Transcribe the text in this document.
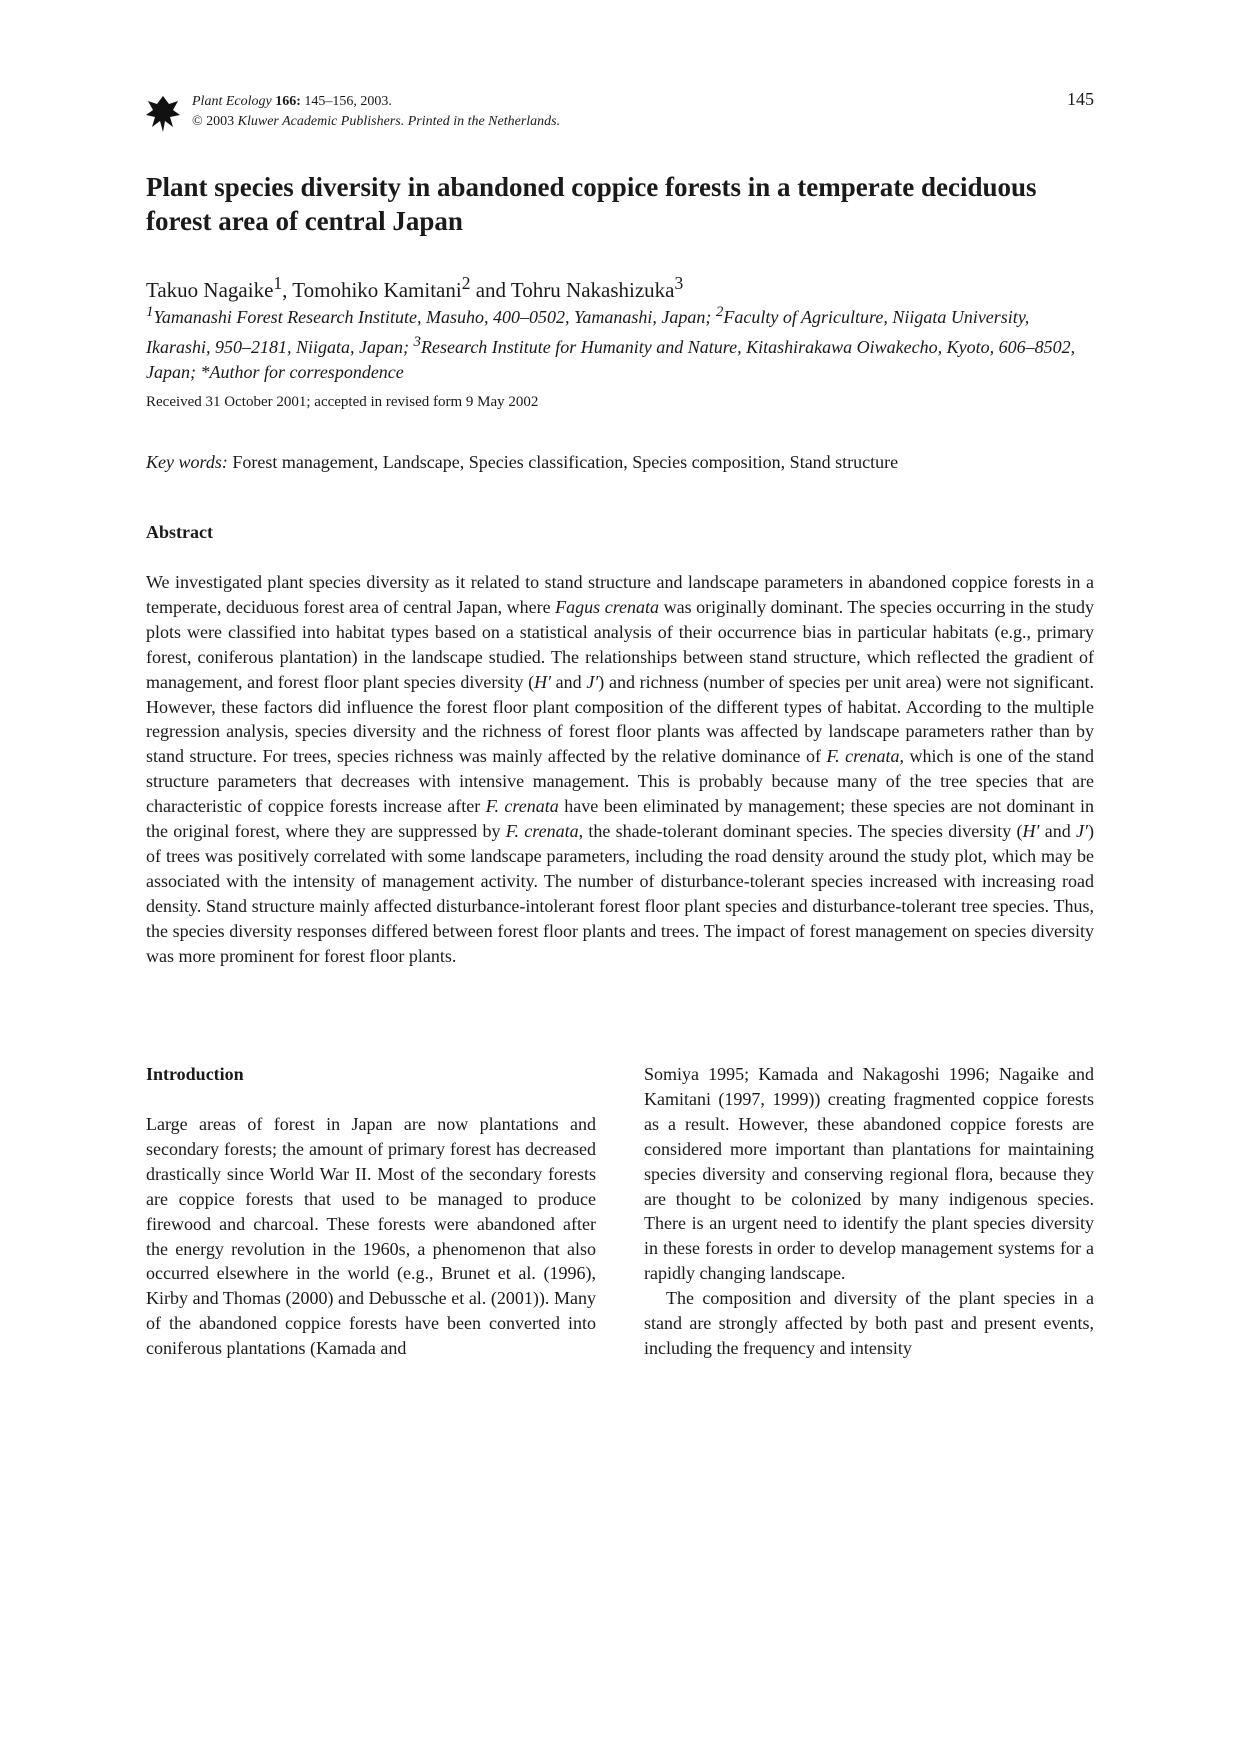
Plant Ecology 166: 145–156, 2003.
© 2003 Kluwer Academic Publishers. Printed in the Netherlands.
145
Plant species diversity in abandoned coppice forests in a temperate deciduous forest area of central Japan
Takuo Nagaike$^1$, Tomohiko Kamitani$^2$ and Tohru Nakashizuka$^3$
$^1$Yamanashi Forest Research Institute, Masuho, 400–0502, Yamanashi, Japan; $^2$Faculty of Agriculture, Niigata University, Ikarashi, 950–2181, Niigata, Japan; $^3$Research Institute for Humanity and Nature, Kitashirakawa Oiwakecho, Kyoto, 606–8502, Japan; *Author for correspondence
Received 31 October 2001; accepted in revised form 9 May 2002
Key words: Forest management, Landscape, Species classification, Species composition, Stand structure
Abstract

We investigated plant species diversity as it related to stand structure and landscape parameters in abandoned coppice forests in a temperate, deciduous forest area of central Japan, where Fagus crenata was originally dominant. The species occurring in the study plots were classified into habitat types based on a statistical analysis of their occurrence bias in particular habitats (e.g., primary forest, coniferous plantation) in the landscape studied. The relationships between stand structure, which reflected the gradient of management, and forest floor plant species diversity (H′ and J′) and richness (number of species per unit area) were not significant. However, these factors did influence the forest floor plant composition of the different types of habitat. According to the multiple regression analysis, species diversity and the richness of forest floor plants was affected by landscape parameters rather than by stand structure. For trees, species richness was mainly affected by the relative dominance of F. crenata, which is one of the stand structure parameters that decreases with intensive management. This is probably because many of the tree species that are characteristic of coppice forests increase after F. crenata have been eliminated by management; these species are not dominant in the original forest, where they are suppressed by F. crenata, the shade-tolerant dominant species. The species diversity (H′ and J′) of trees was positively correlated with some landscape parameters, including the road density around the study plot, which may be associated with the intensity of management activity. The number of disturbance-tolerant species increased with increasing road density. Stand structure mainly affected disturbance-intolerant forest floor plant species and disturbance-tolerant tree species. Thus, the species diversity responses differed between forest floor plants and trees. The impact of forest management on species diversity was more prominent for forest floor plants.

Introduction

Large areas of forest in Japan are now plantations and secondary forests; the amount of primary forest has decreased drastically since World War II. Most of the secondary forests are coppice forests that used to be managed to produce firewood and charcoal. These forests were abandoned after the energy revolution in the 1960s, a phenomenon that also occurred elsewhere in the world (e.g., Brunet et al. (1996), Kirby and Thomas (2000) and Debussche et al. (2001)). Many of the abandoned coppice forests have been converted into coniferous plantations (Kamada and

Somiya 1995; Kamada and Nakagoshi 1996; Nagaike and Kamitani (1997, 1999)) creating fragmented coppice forests as a result. However, these abandoned coppice forests are considered more important than plantations for maintaining species diversity and conserving regional flora, because they are thought to be colonized by many indigenous species. There is an urgent need to identify the plant species diversity in these forests in order to develop management systems for a rapidly changing landscape.

The composition and diversity of the plant species in a stand are strongly affected by both past and present events, including the frequency and intensity
